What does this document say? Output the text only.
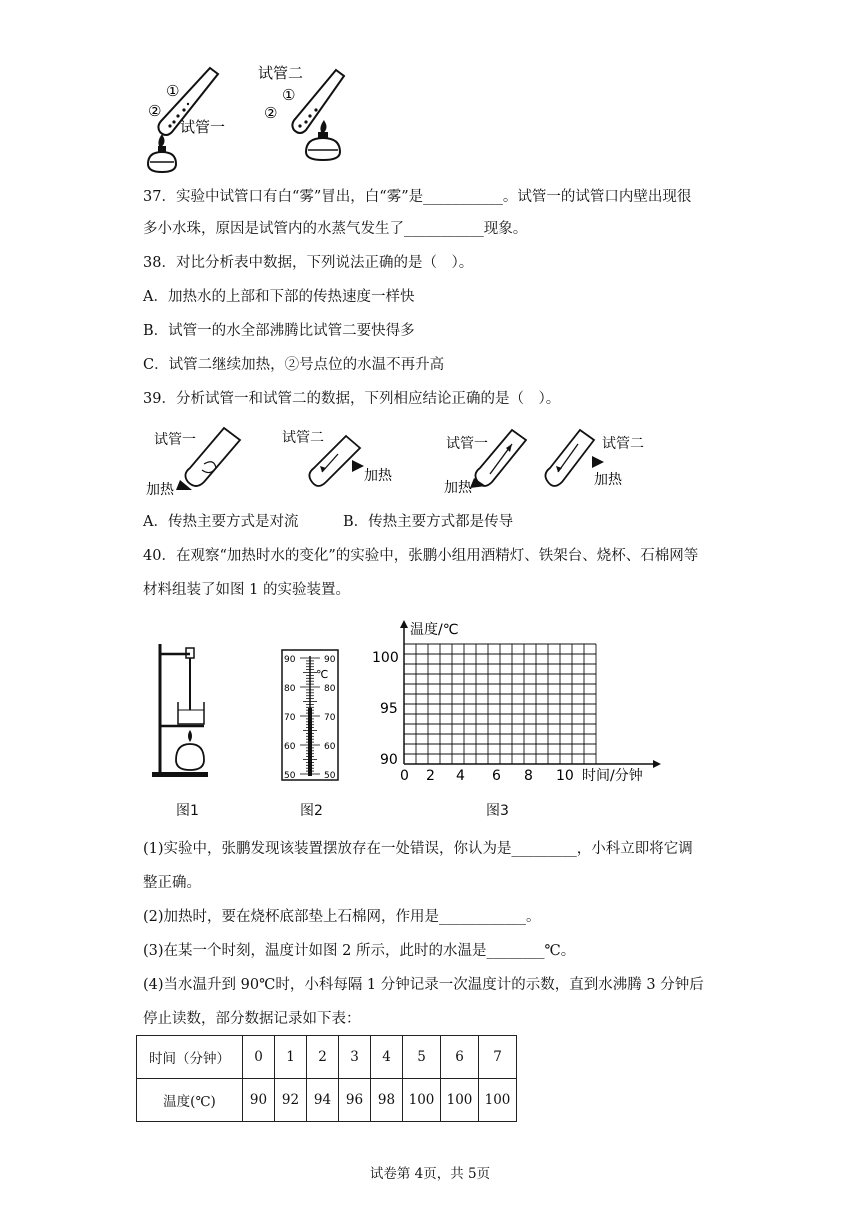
①
②
试管一
试管二
①
②
37．实验中试管口有白“雾”冒出，白“雾”是___________。试管一的试管口内壁出现很
多小水珠，原因是试管内的水蒸气发生了___________现象。
38．对比分析表中数据，下列说法正确的是（　）。
A．加热水的上部和下部的传热速度一样快
B．试管一的水全部沸腾比试管二要快得多
C．试管二继续加热，②号点位的水温不再升高
39．分析试管一和试管二的数据，下列相应结论正确的是（　）。
试管一
加热
试管二
加热
试管一
加热
试管二
加热
A．传热主要方式是对流	B．传热主要方式都是传导
40．在观察“加热时水的变化”的实验中，张鹏小组用酒精灯、铁架台、烧杯、石棉网等
材料组装了如图 1 的实验装置。
℃
90
80
70
60
50
90
80
70
60
50
温度/℃
100
95
90
0 2 4 6 8 10 时间/分钟
图1	图2	图3
(1)实验中，张鹏发现该装置摆放存在一处错误，你认为是_________，小科立即将它调
整正确。
(2)加热时，要在烧杯底部垫上石棉网，作用是____________。
(3)在某一个时刻，温度计如图 2 所示，此时的水温是________℃。
(4)当水温升到 90℃时，小科每隔 1 分钟记录一次温度计的示数，直到水沸腾 3 分钟后
停止读数，部分数据记录如下表：
时间（分钟）	0	1	2	3	4	5	6	7
温度(℃)	90	92	94	96	98	100	100	100
试卷第 4页，共 5页
